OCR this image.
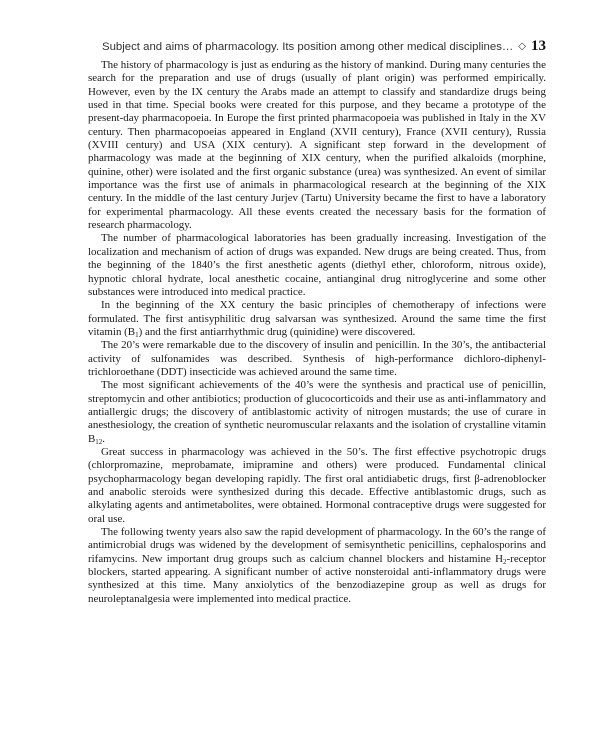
Subject and aims of pharmacology. Its position among other medical disciplines… ◇ 13

The history of pharmacology is just as enduring as the history of mankind. During many centuries the search for the preparation and use of drugs (usually of plant origin) was performed empirically. However, even by the IX century the Arabs made an attempt to classify and standardize drugs being used in that time. Special books were created for this purpose, and they became a prototype of the present-day pharmacopoeia. In Europe the first printed pharmacopoeia was published in Italy in the XV century. Then pharmacopoeias appeared in England (XVII century), France (XVII century), Russia (XVIII century) and USA (XIX century). A significant step forward in the development of pharmacology was made at the beginning of XIX century, when the purified alkaloids (morphine, quinine, other) were isolated and the first organic substance (urea) was synthesized. An event of similar importance was the first use of animals in pharmacological research at the beginning of the XIX century. In the middle of the last century Jurjev (Tartu) University became the first to have a laboratory for experimental pharmacology. All these events created the necessary basis for the formation of research pharmacology.

The number of pharmacological laboratories has been gradually increasing. Investigation of the localization and mechanism of action of drugs was expanded. New drugs are being created. Thus, from the beginning of the 1840’s the first anesthetic agents (diethyl ether, chloroform, nitrous oxide), hypnotic chloral hydrate, local anesthetic cocaine, antianginal drug nitroglycerine and some other substances were introduced into medical practice.

In the beginning of the XX century the basic principles of chemotherapy of infections were formulated. The first antisyphilitic drug salvarsan was synthesized. Around the same time the first vitamin $(B_1)$ and the first antiarrhythmic drug (quinidine) were discovered.

The 20’s were remarkable due to the discovery of insulin and penicillin. In the 30’s, the antibacterial activity of sulfonamides was described. Synthesis of high-performance dichloro-diphenyl-trichloroethane (DDT) insecticide was achieved around the same time.

The most significant achievements of the 40’s were the synthesis and practical use of penicillin, streptomycin and other antibiotics; production of glucocorticoids and their use as anti-inflammatory and antiallergic drugs; the discovery of antiblastomic activity of nitrogen mustards; the use of curare in anesthesiology, the creation of synthetic neuromuscular relaxants and the isolation of crystalline vitamin $B_{12}$.

Great success in pharmacology was achieved in the 50’s. The first effective psychotropic drugs (chlorpromazine, meprobamate, imipramine and others) were produced. Fundamental clinical psychopharmacology began developing rapidly. The first oral antidiabetic drugs, first β-adrenoblocker and anabolic steroids were synthesized during this decade. Effective antiblastomic drugs, such as alkylating agents and antimetabolites, were obtained. Hormonal contraceptive drugs were suggested for oral use.

The following twenty years also saw the rapid development of pharmacology. In the 60’s the range of antimicrobial drugs was widened by the development of semisynthetic penicillins, cephalosporins and rifamycins. New important drug groups such as calcium channel blockers and histamine $H_2$-receptor blockers, started appearing. A significant number of active nonsteroidal anti-inflammatory drugs were synthesized at this time. Many anxiolytics of the benzodiazepine group as well as drugs for neuroleptanalgesia were implemented into medical practice.
